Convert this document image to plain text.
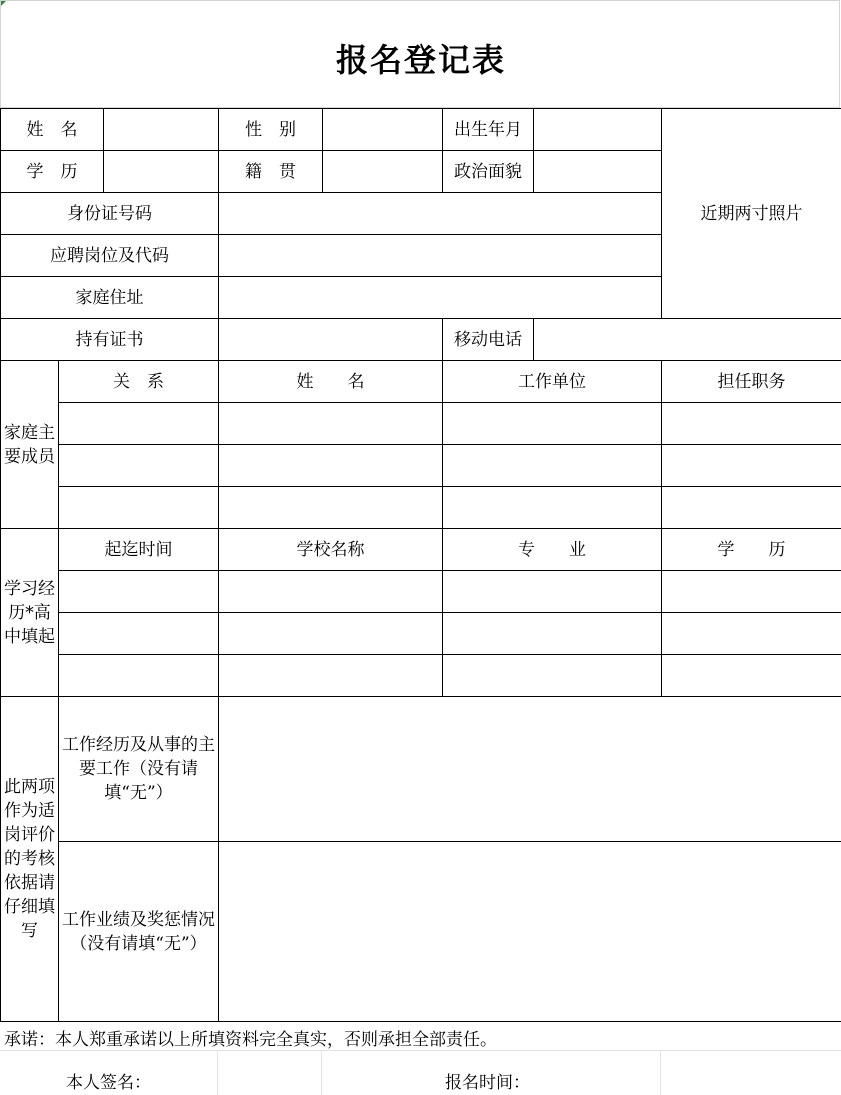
报名登记表
姓　名			性　别		出生年月		近期两寸照片
学　历			籍　贯		政治面貌		
身份证号码							
应聘岗位及代码							
家庭住址							
持有证书					移动电话		
家庭主要成员	关　系		姓　　名		工作单位		担任职务

学习经历*高中填起	起迄时间		学校名称		专　　业		学　　历

此两项作为适岗评价的考核依据请仔细填写	工作经历及从事的主要工作（没有请填“无”）						
	工作业绩及奖惩情况（没有请填“无”）						
承诺：本人郑重承诺以上所填资料完全真实，否则承担全部责任。
本人签名：	报名时间：
